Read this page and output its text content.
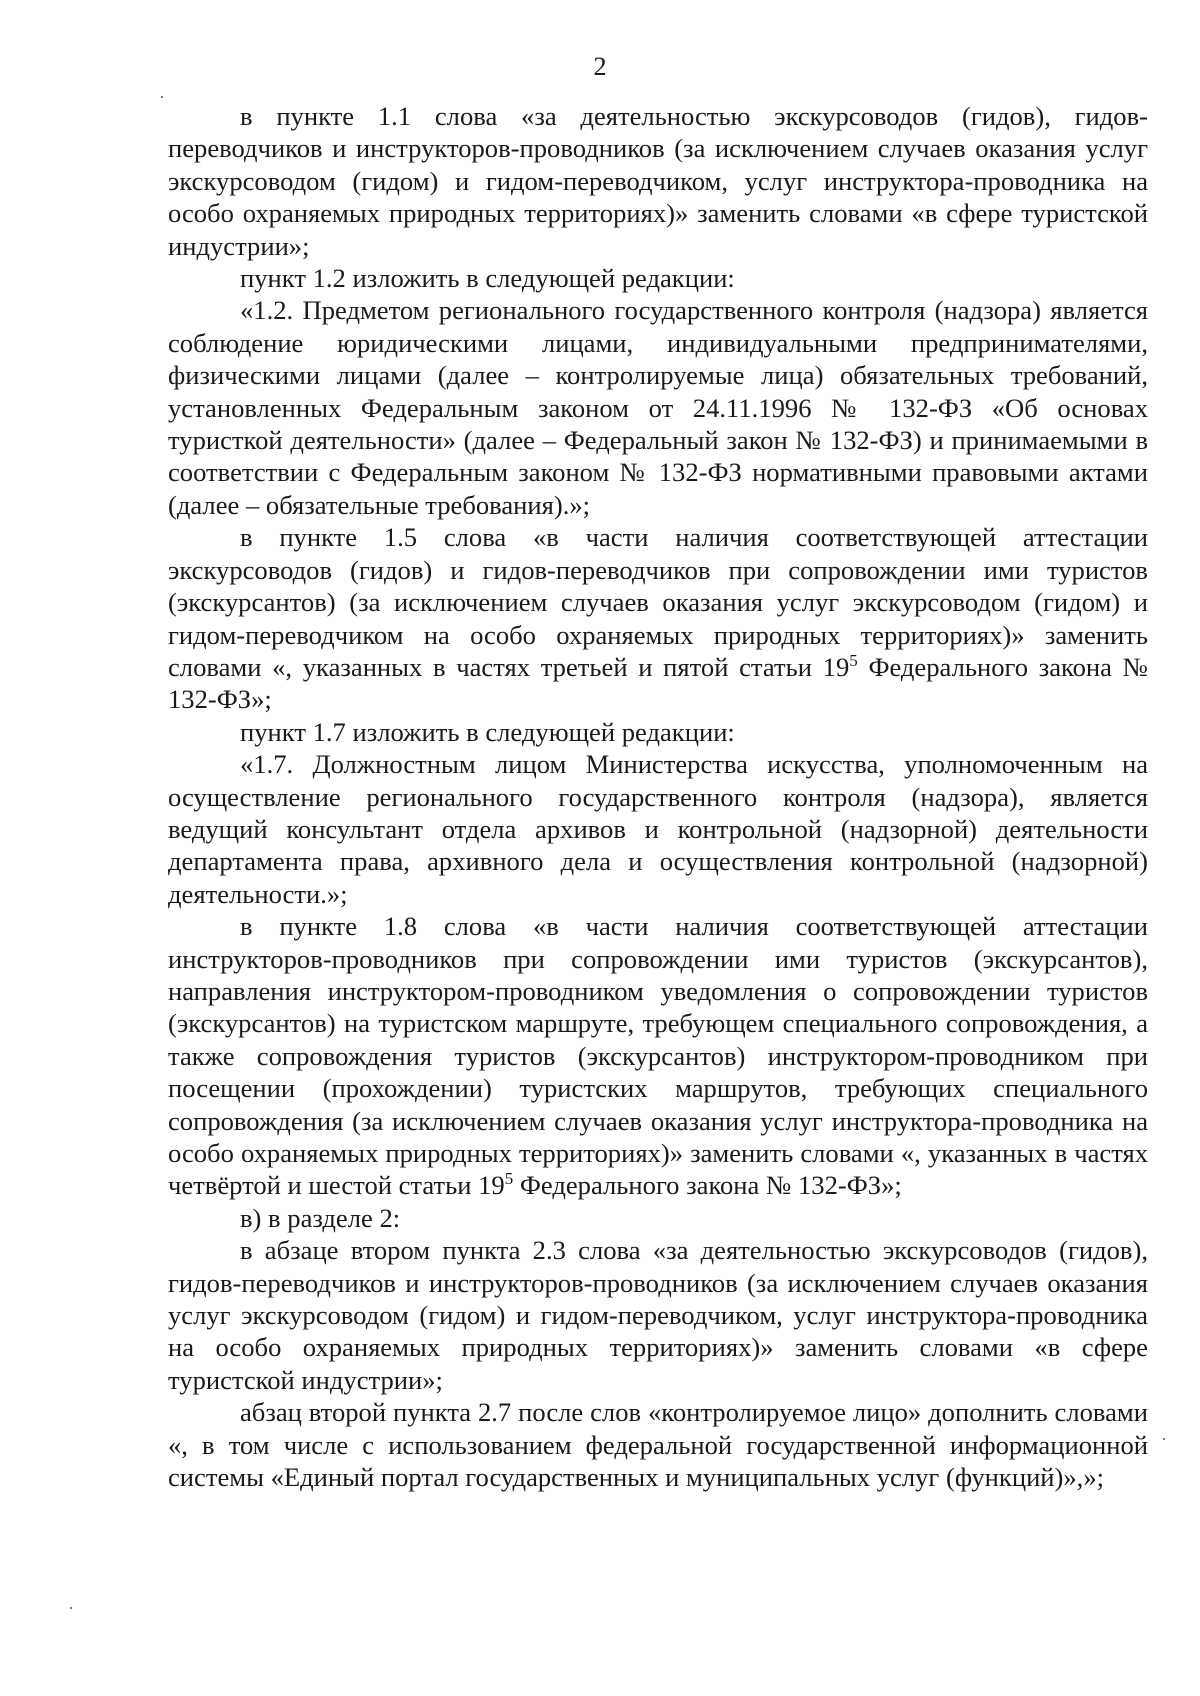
2

в пункте 1.1 слова «за деятельностью экскурсоводов (гидов), гидов-переводчиков и инструкторов-проводников (за исключением случаев оказания услуг экскурсоводом (гидом) и гидом-переводчиком, услуг инструктора-проводника на особо охраняемых природных территориях)» заменить словами «в сфере туристской индустрии»;

пункт 1.2 изложить в следующей редакции:

«1.2. Предметом регионального государственного контроля (надзора) является соблюдение юридическими лицами, индивидуальными предпринимателями, физическими лицами (далее – контролируемые лица) обязательных требований, установленных Федеральным законом от 24.11.1996 № 132-ФЗ «Об основах туристкой деятельности» (далее – Федеральный закон № 132-ФЗ) и принимаемыми в соответствии с Федеральным законом № 132-ФЗ нормативными правовыми актами (далее – обязательные требования).»;

в пункте 1.5 слова «в части наличия соответствующей аттестации экскурсоводов (гидов) и гидов-переводчиков при сопровождении ими туристов (экскурсантов) (за исключением случаев оказания услуг экскурсоводом (гидом) и гидом-переводчиком на особо охраняемых природных территориях)» заменить словами «, указанных в частях третьей и пятой статьи $19^5$ Федерального закона № 132-ФЗ»;

пункт 1.7 изложить в следующей редакции:

«1.7. Должностным лицом Министерства искусства, уполномоченным на осуществление регионального государственного контроля (надзора), является ведущий консультант отдела архивов и контрольной (надзорной) деятельности департамента права, архивного дела и осуществления контрольной (надзорной) деятельности.»;

в пункте 1.8 слова «в части наличия соответствующей аттестации инструкторов-проводников при сопровождении ими туристов (экскурсантов), направления инструктором-проводником уведомления о сопровождении туристов (экскурсантов) на туристском маршруте, требующем специального сопровождения, а также сопровождения туристов (экскурсантов) инструктором-проводником при посещении (прохождении) туристских маршрутов, требующих специального сопровождения (за исключением случаев оказания услуг инструктора-проводника на особо охраняемых природных территориях)» заменить словами «, указанных в частях четвёртой и шестой статьи $19^5$ Федерального закона № 132-ФЗ»;

в) в разделе 2:

в абзаце втором пункта 2.3 слова «за деятельностью экскурсоводов (гидов), гидов-переводчиков и инструкторов-проводников (за исключением случаев оказания услуг экскурсоводом (гидом) и гидом-переводчиком, услуг инструктора-проводника на особо охраняемых природных территориях)» заменить словами «в сфере туристской индустрии»;

абзац второй пункта 2.7 после слов «контролируемое лицо» дополнить словами «, в том числе с использованием федеральной государственной информационной системы «Единый портал государственных и муниципальных услуг (функций)»,»;
